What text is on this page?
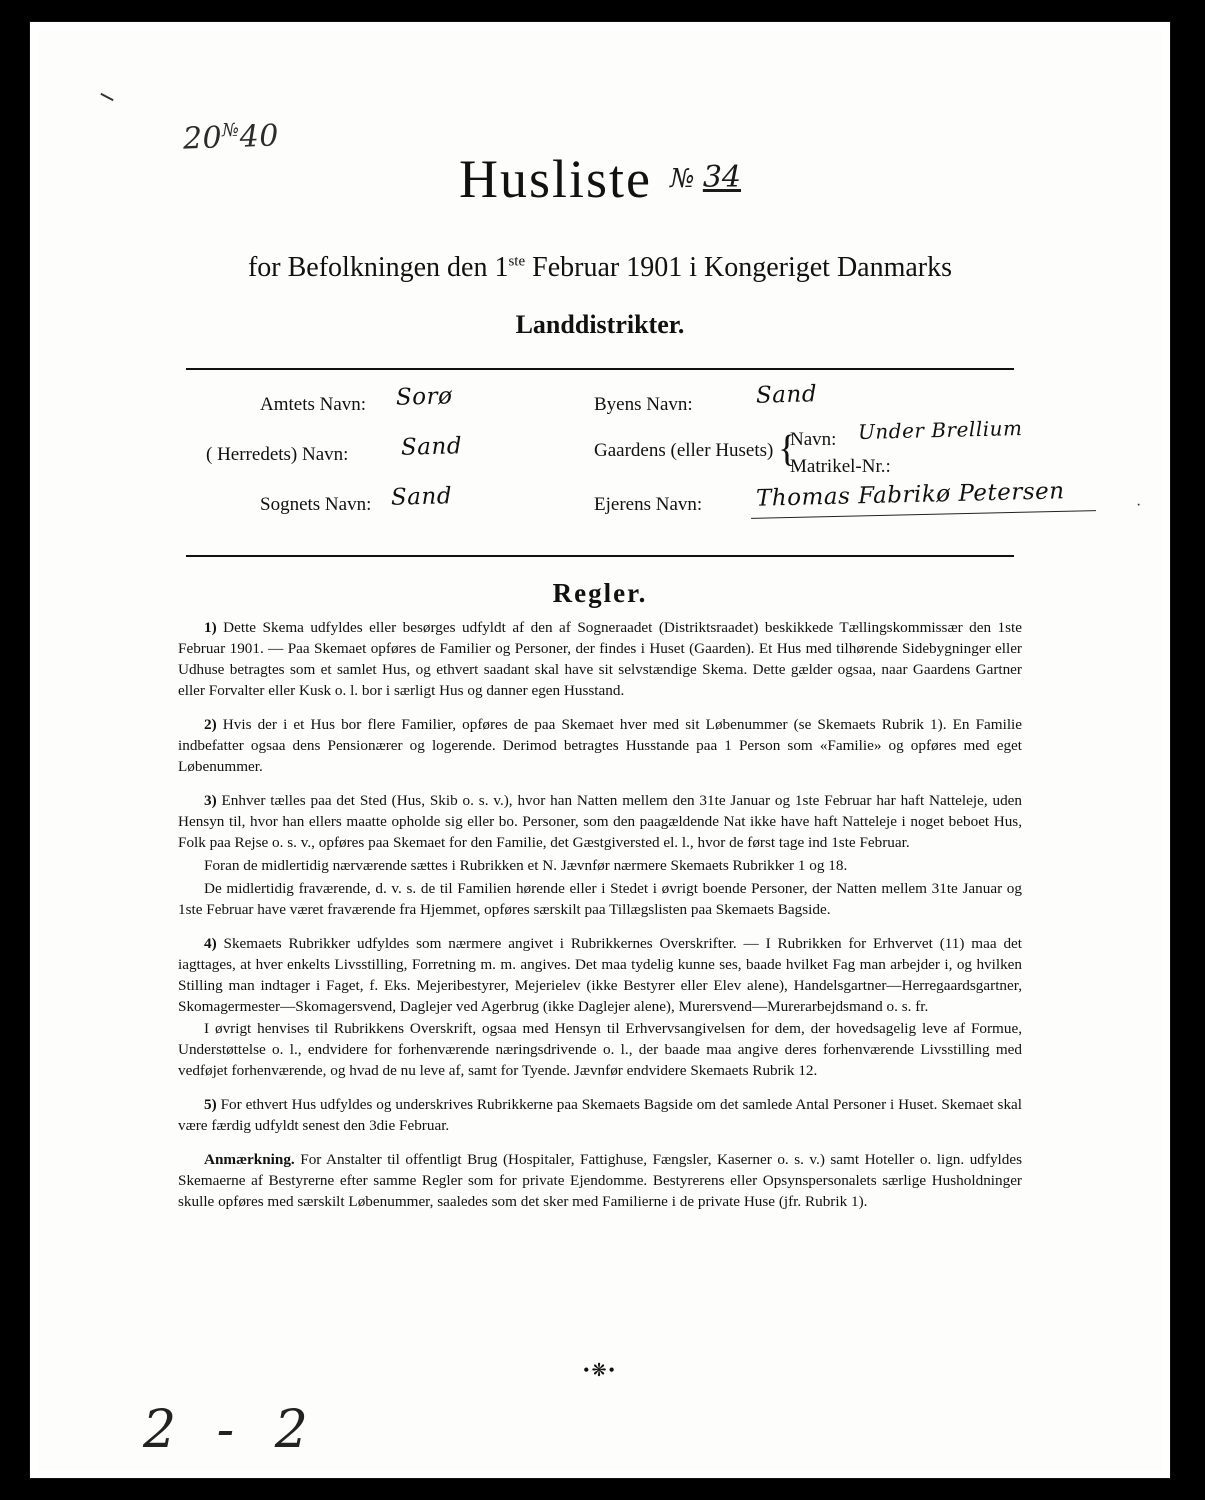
20№40
Husliste № 34
for Befolkningen den 1ste Februar 1901 i Kongeriget Danmarks
Landdistrikter.
Amtets Navn: Sorø
( Herredets) Navn: Sand
Sognets Navn: Sand
Byens Navn:	Sand
Gaardens (eller Husets) {
Navn:
Matrikel-Nr.:
Under Brellium
Ejerens Navn: Thomas Fabrikø Petersen	·
Regler.

1) Dette Skema udfyldes eller besørges udfyldt af den af Sogneraadet (Distriktsraadet) beskikkede Tællingskommissær den 1ste Februar 1901. — Paa Skemaet opføres de Familier og Personer, der findes i Huset (Gaarden). Et Hus med tilhørende Sidebygninger eller Udhuse betragtes som et samlet Hus, og ethvert saadant skal have sit selvstændige Skema. Dette gælder ogsaa, naar Gaardens Gartner eller Forvalter eller Kusk o. l. bor i særligt Hus og danner egen Husstand.

2) Hvis der i et Hus bor flere Familier, opføres de paa Skemaet hver med sit Løbenummer (se Skemaets Rubrik 1). En Familie indbefatter ogsaa dens Pensionærer og logerende. Derimod betragtes Husstande paa 1 Person som «Familie» og opføres med eget Løbenummer.

3) Enhver tælles paa det Sted (Hus, Skib o. s. v.), hvor han Natten mellem den 31te Januar og 1ste Februar har haft Natteleje, uden Hensyn til, hvor han ellers maatte opholde sig eller bo. Personer, som den paagældende Nat ikke have haft Natteleje i noget beboet Hus, Folk paa Rejse o. s. v., opføres paa Skemaet for den Familie, det Gæstgiversted el. l., hvor de først tage ind 1ste Februar.

Foran de midlertidig nærværende sættes i Rubrikken et N. Jævnfør nærmere Skemaets Rubrikker 1 og 18.

De midlertidig fraværende, d. v. s. de til Familien hørende eller i Stedet i øvrigt boende Personer, der Natten mellem 31te Januar og 1ste Februar have været fraværende fra Hjemmet, opføres særskilt paa Tillægslisten paa Skemaets Bagside.

4) Skemaets Rubrikker udfyldes som nærmere angivet i Rubrikkernes Overskrifter. — I Rubrikken for Erhvervet (11) maa det iagttages, at hver enkelts Livsstilling, Forretning m. m. angives. Det maa tydelig kunne ses, baade hvilket Fag man arbejder i, og hvilken Stilling man indtager i Faget, f. Eks. Mejeribestyrer, Mejerielev (ikke Bestyrer eller Elev alene), Handelsgartner—Herregaardsgartner, Skomagermester—Skomagersvend, Daglejer ved Agerbrug (ikke Daglejer alene), Murersvend—Murerarbejdsmand o. s. fr.

I øvrigt henvises til Rubrikkens Overskrift, ogsaa med Hensyn til Erhvervsangivelsen for dem, der hovedsagelig leve af Formue, Understøttelse o. l., endvidere for forhenværende næringsdrivende o. l., der baade maa angive deres forhenværende Livsstilling med vedføjet forhenværende, og hvad de nu leve af, samt for Tyende. Jævnfør endvidere Skemaets Rubrik 12.

5) For ethvert Hus udfyldes og underskrives Rubrikkerne paa Skemaets Bagside om det samlede Antal Personer i Huset. Skemaet skal være færdig udfyldt senest den 3die Februar.

Anmærkning. For Anstalter til offentligt Brug (Hospitaler, Fattighuse, Fængsler, Kaserner o. s. v.) samt Hoteller o. lign. udfyldes Skemaerne af Bestyrerne efter samme Regler som for private Ejendomme. Bestyrerens eller Opsynspersonalets særlige Husholdninger skulle opføres med særskilt Løbenummer, saaledes som det sker med Familierne i de private Huse (jfr. Rubrik 1).

•❋•
2 - 2
